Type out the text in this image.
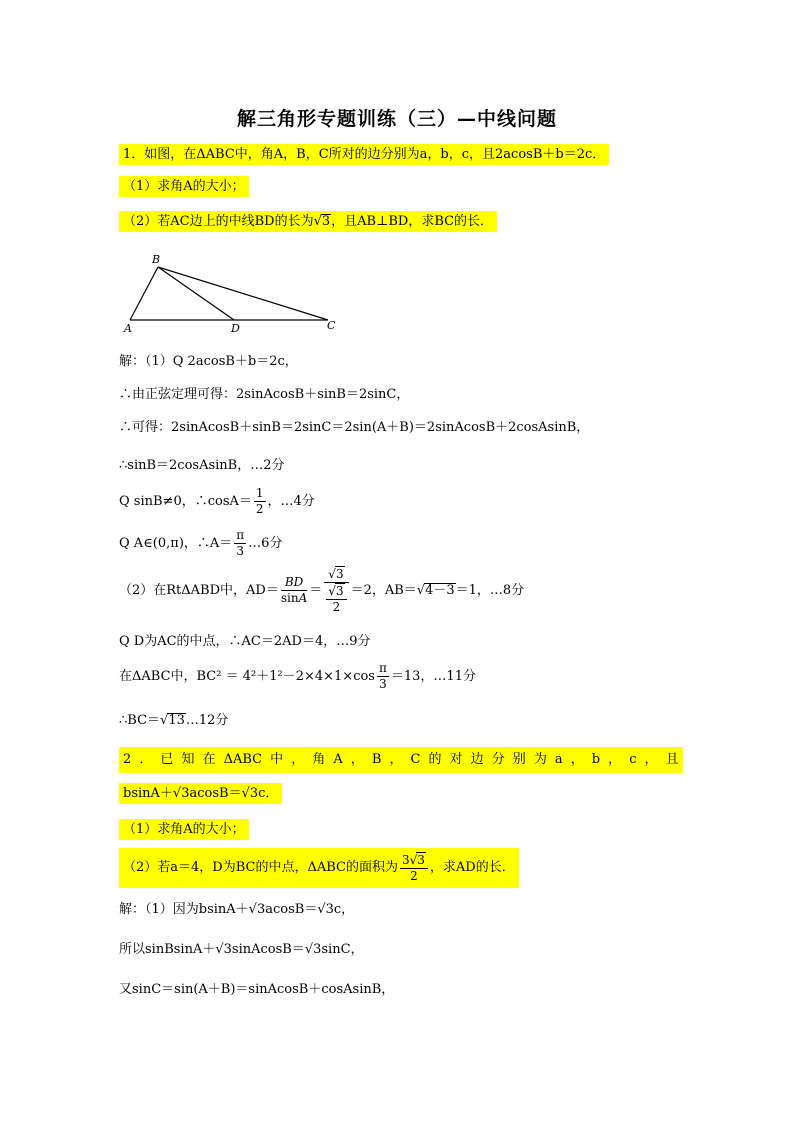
解三角形专题训练（三）—中线问题
1．如图，在ΔABC中，角A，B，C所对的边分别为a，b，c，且2acosB＋b＝2c．
（1）求角A的大小；
（2）若AC边上的中线BD的长为 √ 3，且AB⊥BD，求BC的长．
B
A	D	C
解：（1）Q 2acosB＋b＝2c，
∴由正弦定理可得：2sinAcosB＋sinB＝2sinC，
∴可得：2sinAcosB＋sinB＝2sinC＝2sin(A＋B)＝2sinAcosB＋2cosAsinB，
∴sinB＝2cosAsinB，…2分
Q sinB≠0，∴cosA＝ $\frac{1}{2}$ ，…4分
Q A∈(0,π)，∴A＝ $\frac{\pi}{3}$ …6分
（2）在RtΔABD中，$AD= \frac{BD}{\sin A}$ ＝ √ 3
√ $\frac{3}{2} =2$，AB＝ √ 4－3＝1，…8分
Q D为AC的中点，∴AC＝2AD＝4，…9分
在ΔABC中，$BC^2 = 4^2+1^2-2\times 4\times 1\times\cos \frac{\pi}{3} =13$，…11分
∴BC＝ √ 13…12分
2 ． 已 知 在 ΔABC 中 ， 角 A ， B ， C 的 对 边 分 别 为 a ， b ， c ， 且
bsinA＋√3acosB＝√3c．
（1）求角A的大小；
（2）若a＝4，D为BC的中点，ΔABC的面积为 $\frac{3 √ 3}{2}$ ，求AD的长．
解：（1）因为bsinA＋√3acosB＝√3c，
所以sinBsinA＋√3sinAcosB＝√3sinC，
又sinC＝sin(A＋B)＝sinAcosB＋cosAsinB，
